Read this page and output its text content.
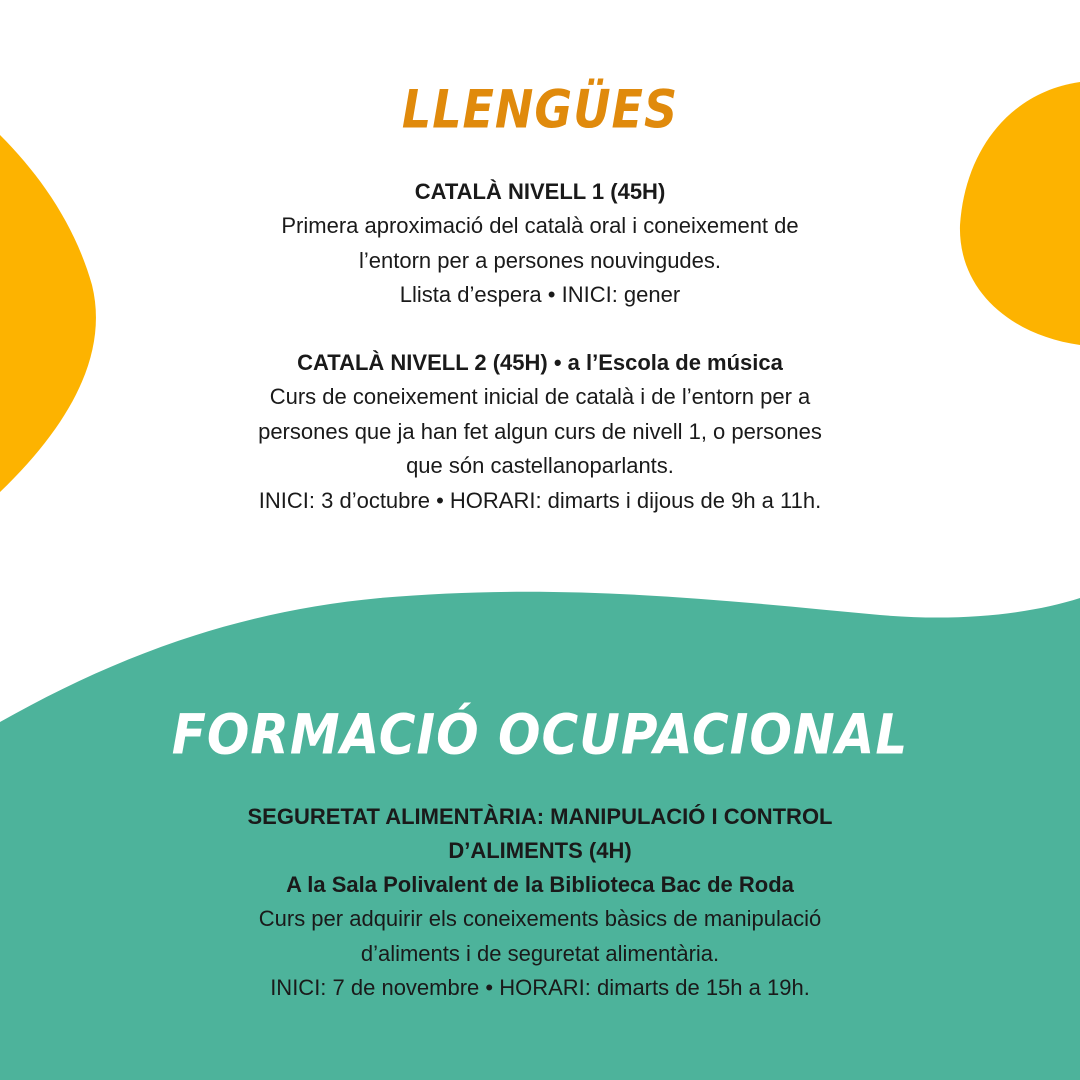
LLENGÜES

CATALÀ NIVELL 1 (45H)

Primera aproximació del català oral i coneixement de

l’entorn per a persones nouvingudes.

Llista d’espera • INICI: gener

CATALÀ NIVELL 2 (45H) • a l’Escola de música

Curs de coneixement inicial de català i de l’entorn per a

persones que ja han fet algun curs de nivell 1, o persones

que són castellanoparlants.

INICI: 3 d’octubre • HORARI: dimarts i dijous de 9h a 11h.

FORMACIÓ OCUPACIONAL

SEGURETAT ALIMENTÀRIA: MANIPULACIÓ I CONTROL

D’ALIMENTS (4H)

A la Sala Polivalent de la Biblioteca Bac de Roda

Curs per adquirir els coneixements bàsics de manipulació

d’aliments i de seguretat alimentària.

INICI: 7 de novembre • HORARI: dimarts de 15h a 19h.
